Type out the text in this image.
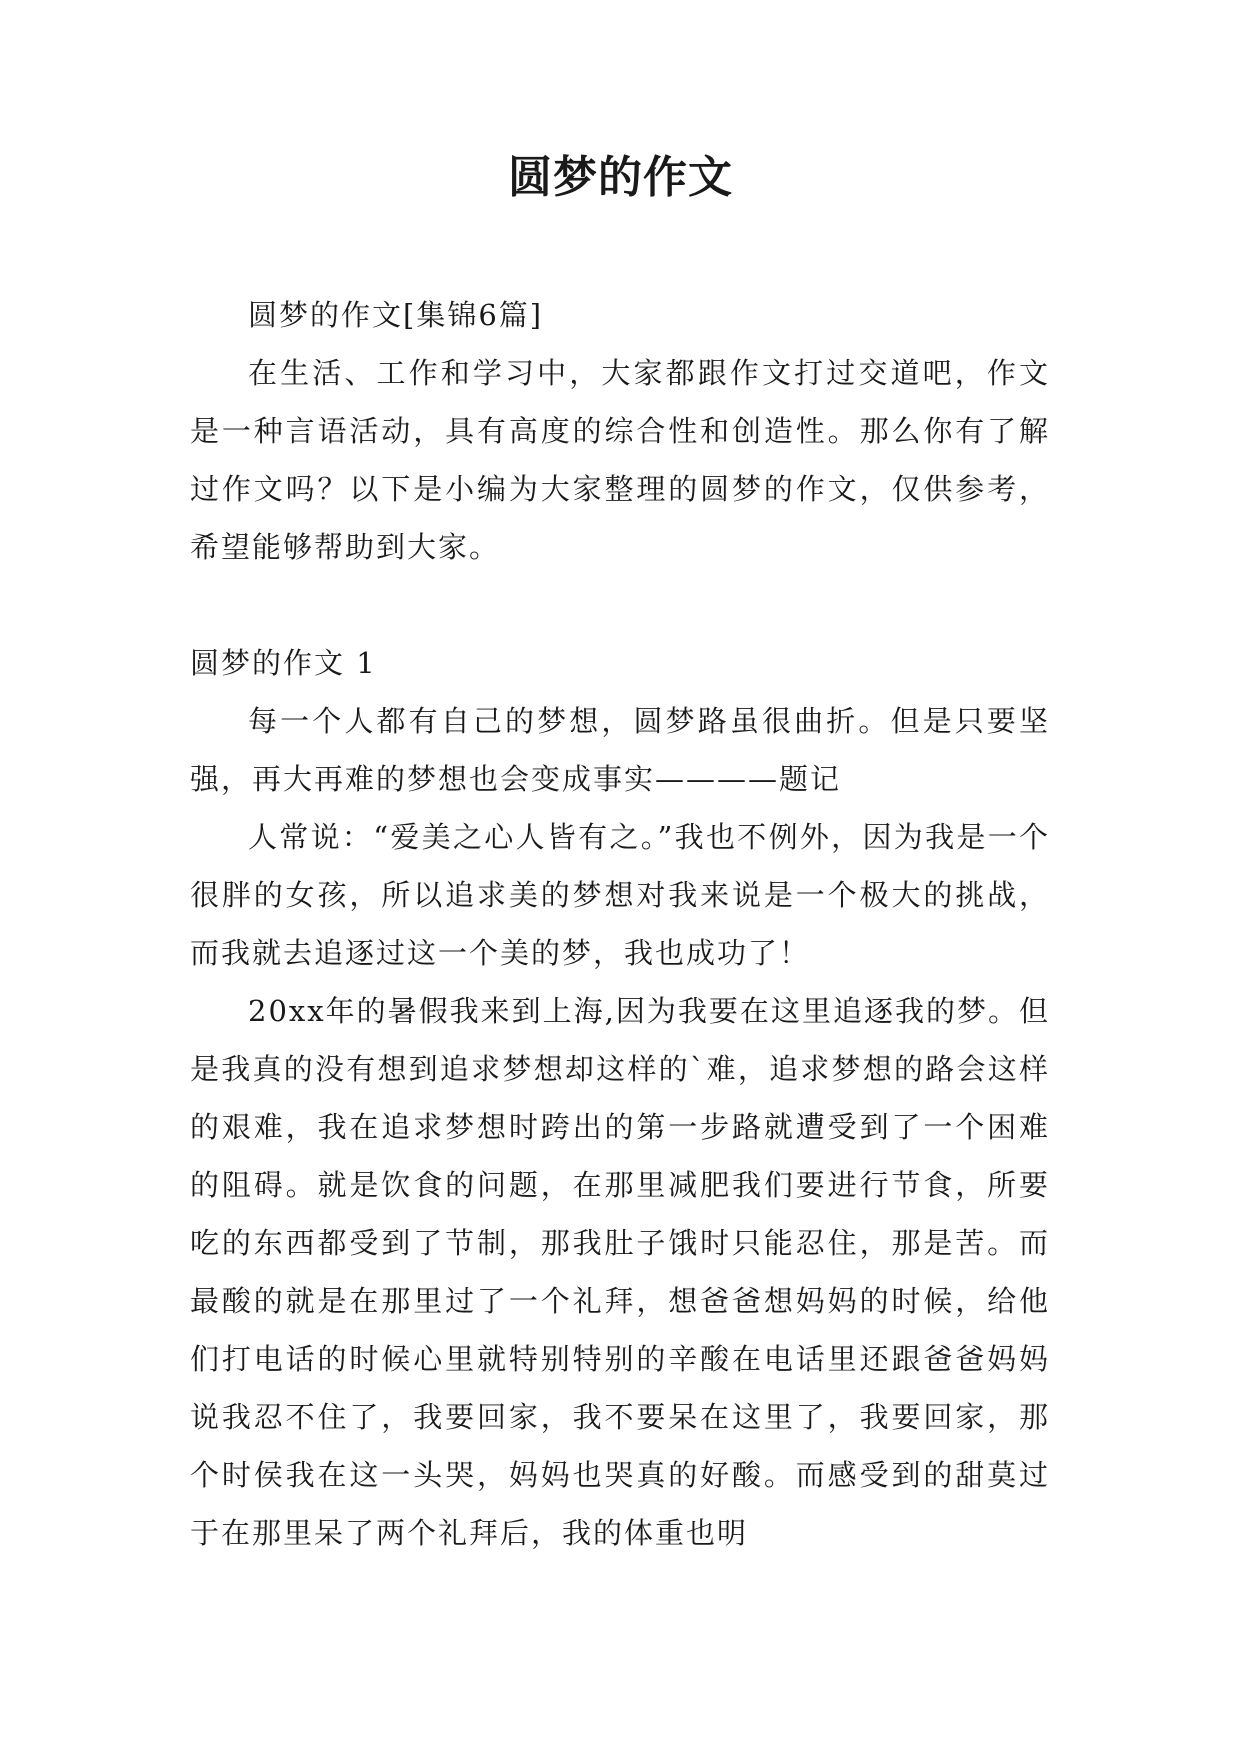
圆梦的作文

圆梦的作文[集锦6篇]

在生活、工作和学习中，大家都跟作文打过交道吧，作文是一种言语活动，具有高度的综合性和创造性。那么你有了解过作文吗？以下是小编为大家整理的圆梦的作文，仅供参考，希望能够帮助到大家。

圆梦的作文 1

每一个人都有自己的梦想，圆梦路虽很曲折。但是只要坚强，再大再难的梦想也会变成事实————题记

人常说：“爱美之心人皆有之。”我也不例外，因为我是一个很胖的女孩，所以追求美的梦想对我来说是一个极大的挑战，而我就去追逐过这一个美的梦，我也成功了！

20xx年的暑假我来到上海,因为我要在这里追逐我的梦。但是我真的没有想到追求梦想却这样的`难，追求梦想的路会这样的艰难，我在追求梦想时跨出的第一步路就遭受到了一个困难的阻碍。就是饮食的问题，在那里减肥我们要进行节食，所要吃的东西都受到了节制，那我肚子饿时只能忍住，那是苦。而最酸的就是在那里过了一个礼拜，想爸爸想妈妈的时候，给他们打电话的时候心里就特别特别的辛酸在电话里还跟爸爸妈妈说我忍不住了，我要回家，我不要呆在这里了，我要回家，那个时侯我在这一头哭，妈妈也哭真的好酸。而感受到的甜莫过于在那里呆了两个礼拜后，我的体重也明
